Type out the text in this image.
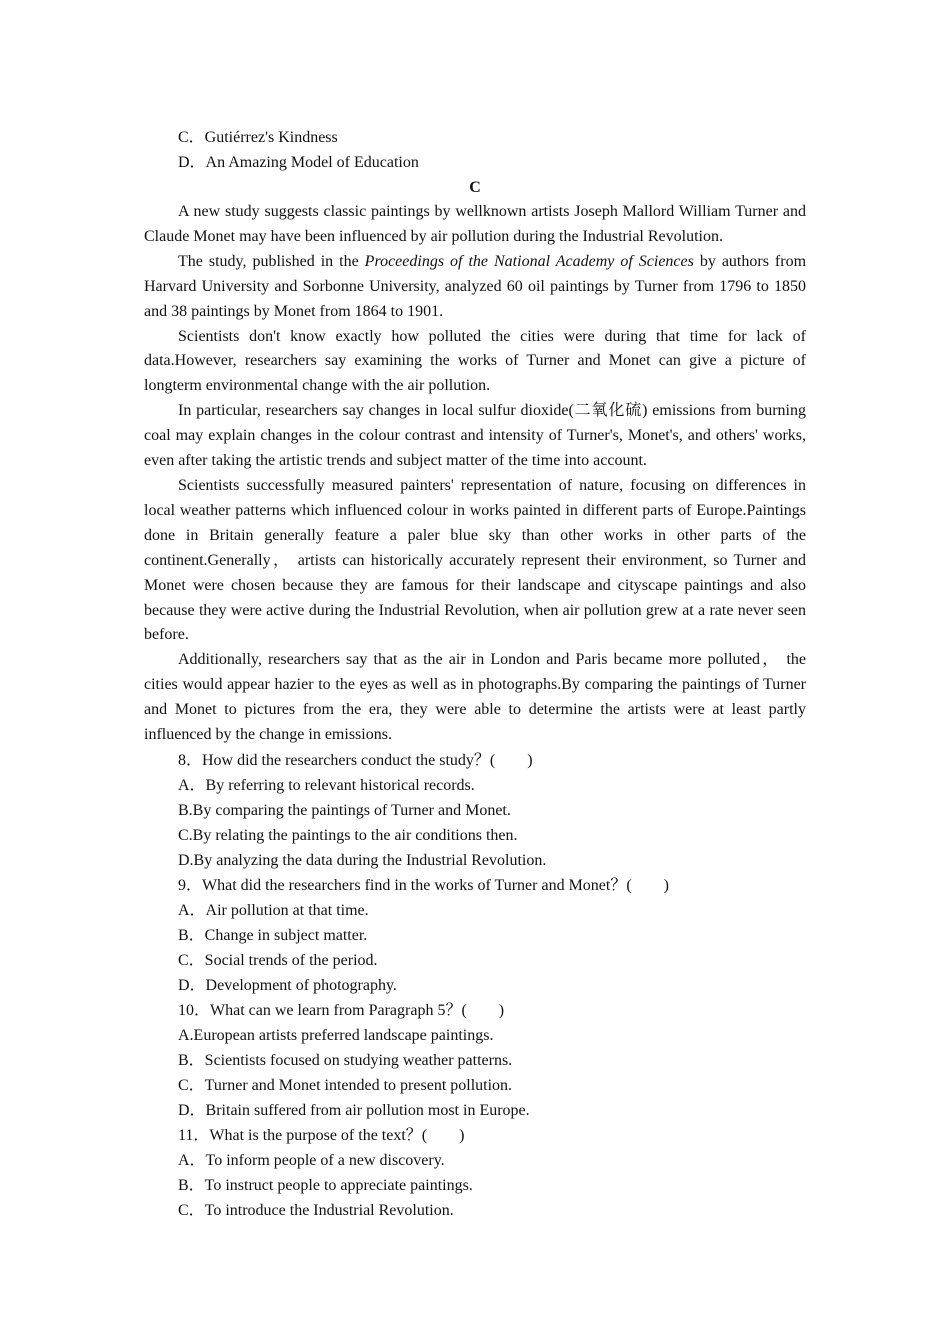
C．Gutiérrez's Kindness
D．An Amazing Model of Education
C

A new study suggests classic paintings by wellknown artists Joseph Mallord William Turner and Claude Monet may have been influenced by air pollution during the Industrial Revolution.

The study, published in the Proceedings of the National Academy of Sciences by authors from Harvard University and Sorbonne University, analyzed 60 oil paintings by Turner from 1796 to 1850 and 38 paintings by Monet from 1864 to 1901.

Scientists don't know exactly how polluted the cities were during that time for lack of data.However, researchers say examining the works of Turner and Monet can give a picture of longterm environmental change with the air pollution.

In particular, researchers say changes in local sulfur dioxide(二氧化硫) emissions from burning coal may explain changes in the colour contrast and intensity of Turner's, Monet's, and others' works, even after taking the artistic trends and subject matter of the time into account.

Scientists successfully measured painters' representation of nature, focusing on differences in local weather patterns which influenced colour in works painted in different parts of Europe.Paintings done in Britain generally feature a paler blue sky than other works in other parts of the continent.Generally， artists can historically accurately represent their environment, so Turner and Monet were chosen because they are famous for their landscape and cityscape paintings and also because they were active during the Industrial Revolution, when air pollution grew at a rate never seen before.

Additionally, researchers say that as the air in London and Paris became more polluted， the cities would appear hazier to the eyes as well as in photographs.By comparing the paintings of Turner and Monet to pictures from the era, they were able to determine the artists were at least partly influenced by the change in emissions.

8．How did the researchers conduct the study？(　　)
A．By referring to relevant historical records.
B.By comparing the paintings of Turner and Monet.
C.By relating the paintings to the air conditions then.
D.By analyzing the data during the Industrial Revolution.
9．What did the researchers find in the works of Turner and Monet？(　　)
A．Air pollution at that time.
B．Change in subject matter.
C．Social trends of the period.
D．Development of photography.
10．What can we learn from Paragraph 5？(　　)
A.European artists preferred landscape paintings.
B．Scientists focused on studying weather patterns.
C．Turner and Monet intended to present pollution.
D．Britain suffered from air pollution most in Europe.
11．What is the purpose of the text？(　　)
A．To inform people of a new discovery.
B．To instruct people to appreciate paintings.
C．To introduce the Industrial Revolution.
